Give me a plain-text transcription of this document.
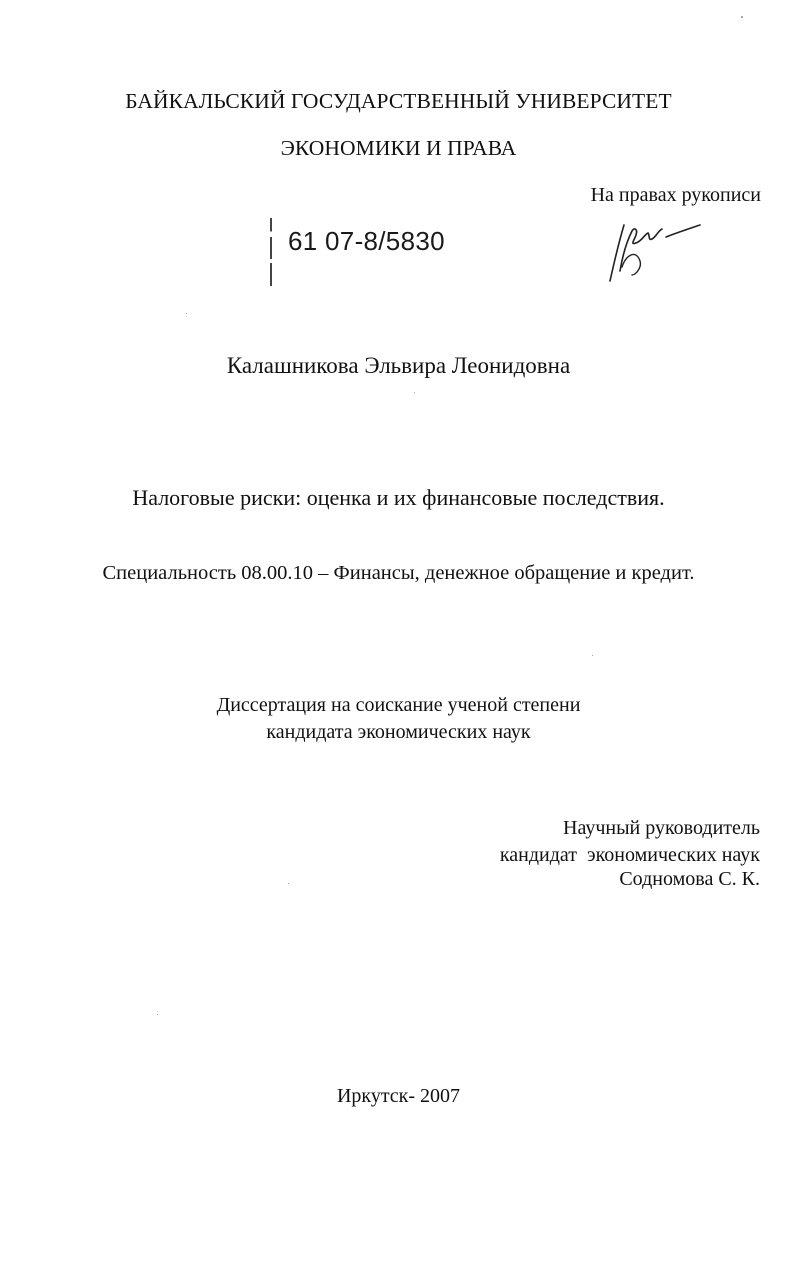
БАЙКАЛЬСКИЙ ГОСУДАРСТВЕННЫЙ УНИВЕРСИТЕТ
ЭКОНОМИКИ И ПРАВА
На правах рукописи
61 07-8/5830
Калашникова Эльвира Леонидовна
Налоговые риски: оценка и их финансовые последствия.
Специальность 08.00.10 – Финансы, денежное обращение и кредит.
Диссертация на соискание ученой степени
кандидата экономических наук
Научный руководитель
кандидат  экономических наук
Содномова С. К.
Иркутск- 2007
